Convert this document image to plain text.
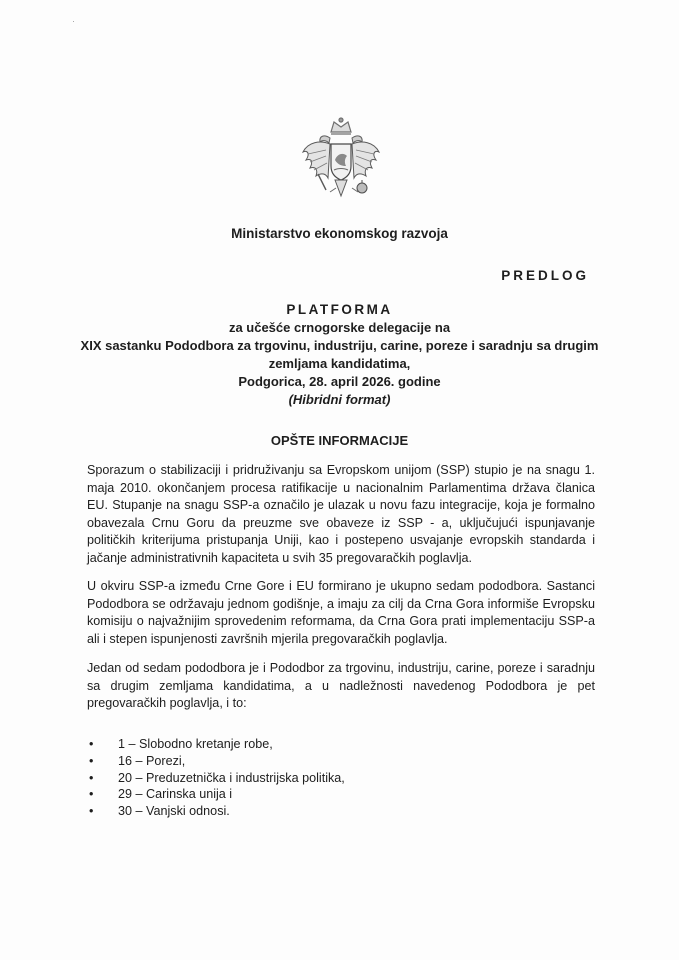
·
Ministarstvo ekonomskog razvoja
PREDLOG
PLATFORMA
za učešće crnogorske delegacije na
XIX sastanku Pododbora za trgovinu, industriju, carine, poreze i saradnju sa drugim
zemljama kandidatima,
Podgorica, 28. april 2026. godine
(Hibridni format)
OPŠTE INFORMACIJE

Sporazum o stabilizaciji i pridruživanju sa Evropskom unijom (SSP) stupio je na snagu 1. maja 2010. okončanjem procesa ratifikacije u nacionalnim Parlamentima država članica EU. Stupanje na snagu SSP-a označilo je ulazak u novu fazu integracije, koja je formalno obavezala Crnu Goru da preuzme sve obaveze iz SSP - a, uključujući ispunjavanje političkih kriterijuma pristupanja Uniji, kao i postepeno usvajanje evropskih standarda i jačanje administrativnih kapaciteta u svih 35 pregovaračkih poglavlja.

U okviru SSP-a između Crne Gore i EU formirano je ukupno sedam pododbora. Sastanci Pododbora se održavaju jednom godišnje, a imaju za cilj da Crna Gora informiše Evropsku komisiju o najvažnijim sprovedenim reformama, da Crna Gora prati implementaciju SSP-a ali i stepen ispunjenosti završnih mjerila pregovaračkih poglavlja.

Jedan od sedam pododbora je i Pododbor za trgovinu, industriju, carine, poreze i saradnju sa drugim zemljama kandidatima, a u nadležnosti navedenog Pododbora je pet pregovaračkih poglavlja, i to:

• 1 – Slobodno kretanje robe,
• 16 – Porezi,
• 20 – Preduzetnička i industrijska politika,
• 29 – Carinska unija i
• 30 – Vanjski odnosi.
